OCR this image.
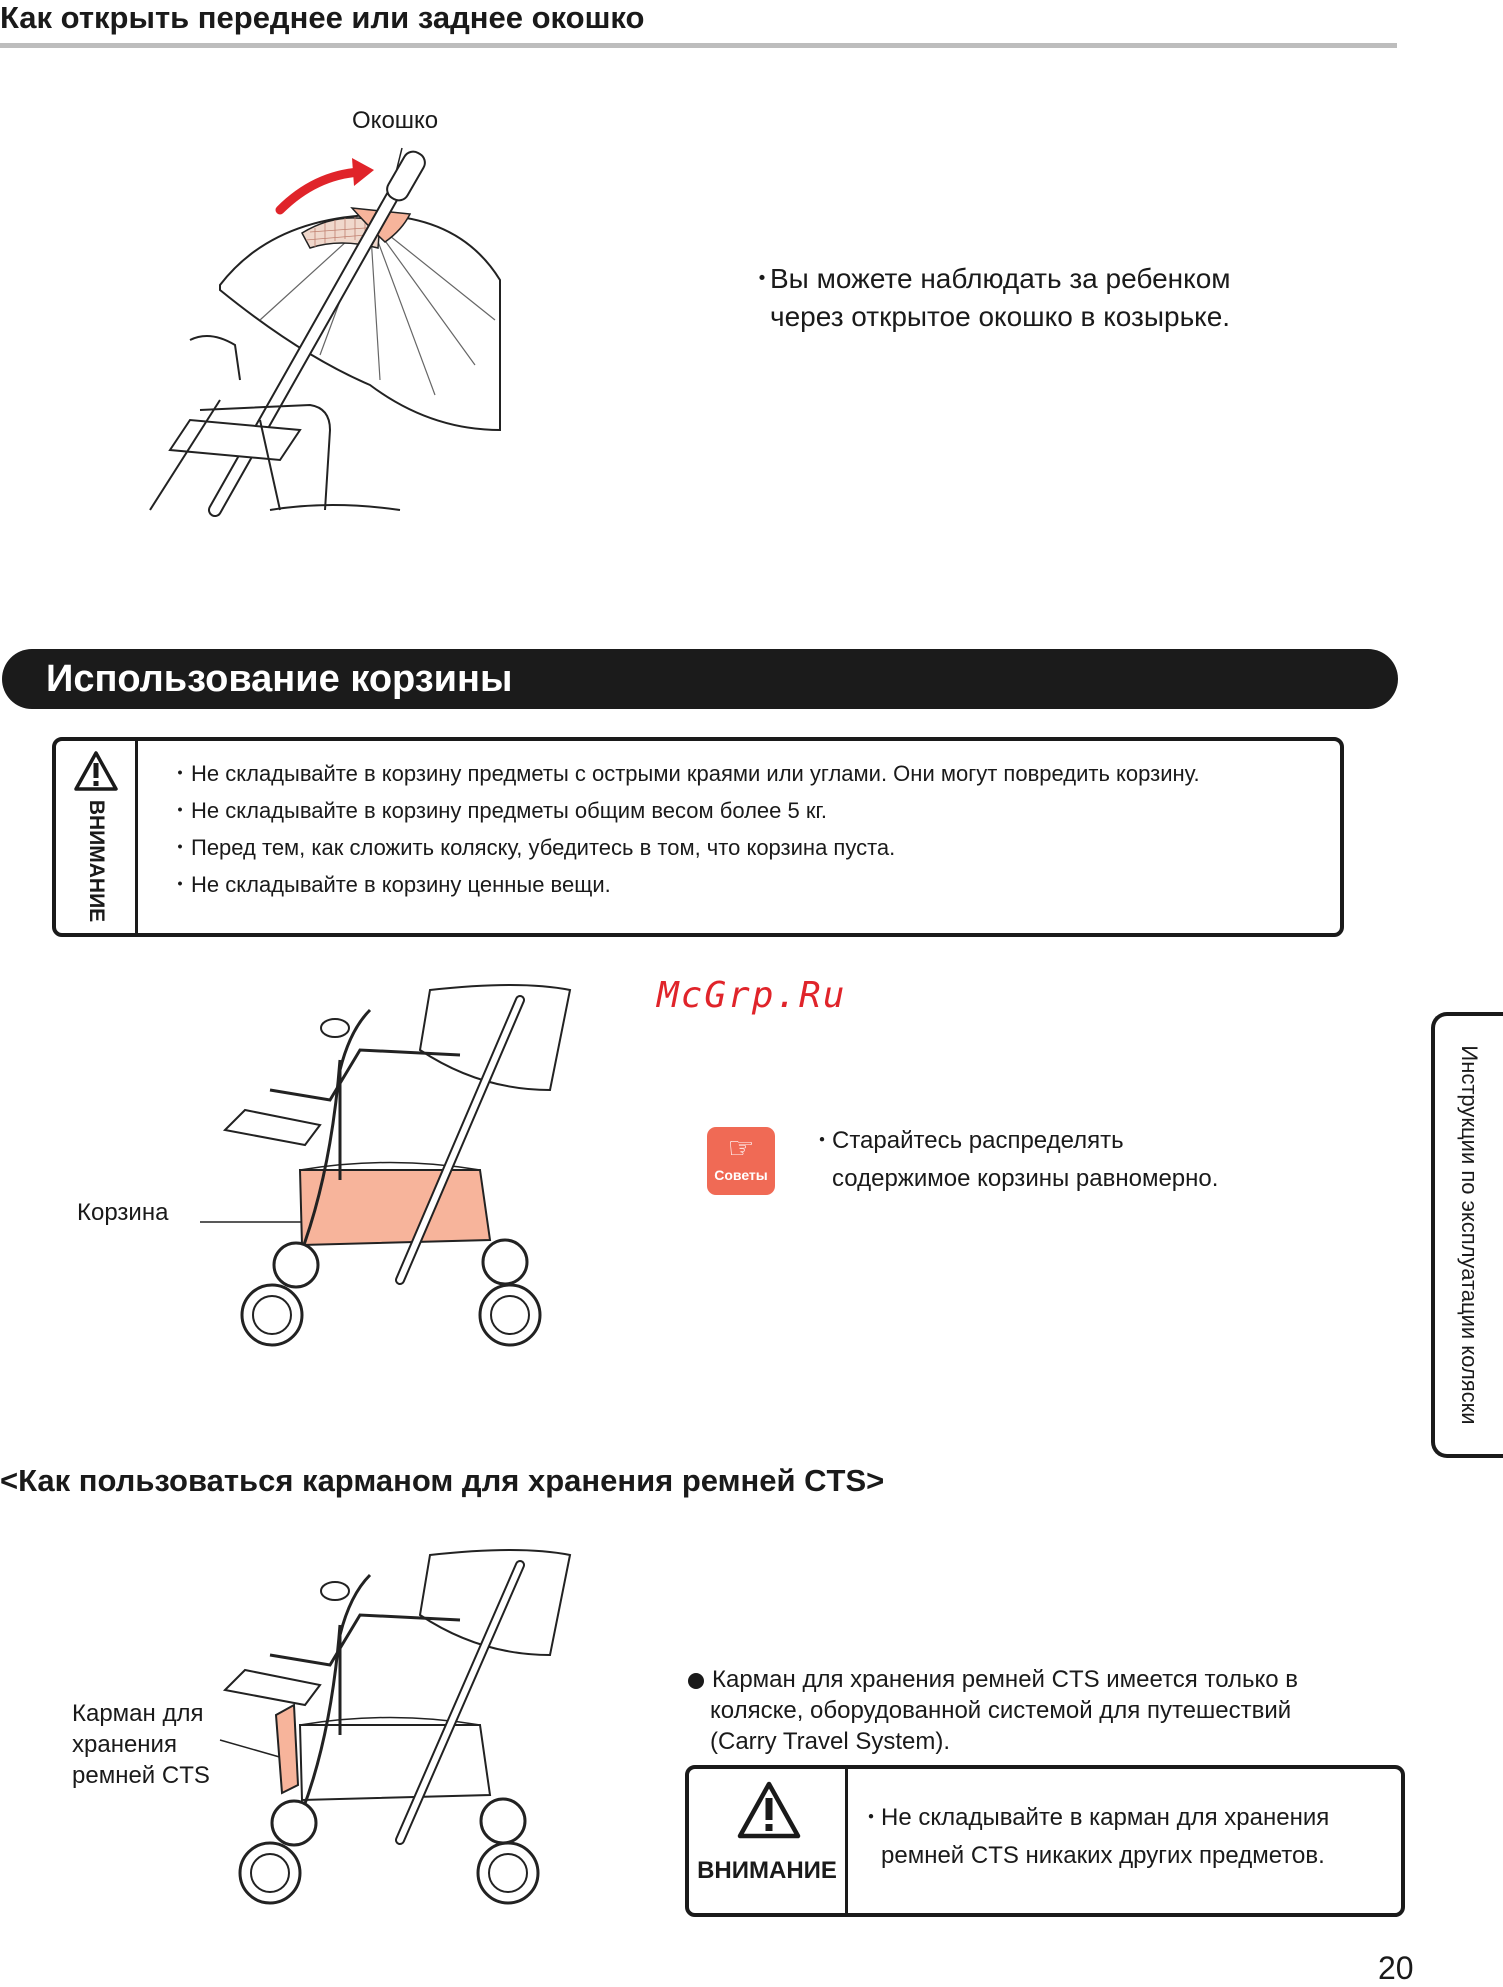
Как открыть переднее или заднее окошко
Окошко
・Вы можете наблюдать за ребенком
через открытое окошко в козырьке.
Использование корзины
ВНИМАНИЕ
・Не складывайте в корзину предметы с острыми краями или углами. Они могут повредить корзину.
・Не складывайте в корзину предметы общим весом более 5 кг.
・Перед тем, как сложить коляску, убедитесь в том, что корзина пуста.
・Не складывайте в корзину ценные вещи.
McGrp.Ru
Корзина
☞
Советы
・Старайтесь распределять
содержимое корзины равномерно.	Инструкции по эксплуатации коляски
<Как пользоваться карманом для хранения ремней CTS>
Карман для
хранения
ремней CTS
Карман для хранения ремней CTS имеется только в
коляске, оборудованной системой для путешествий
(Carry Travel System).
ВНИМАНИЕ
・Не складывайте в карман для хранения
ремней CTS никаких других предметов.
20
